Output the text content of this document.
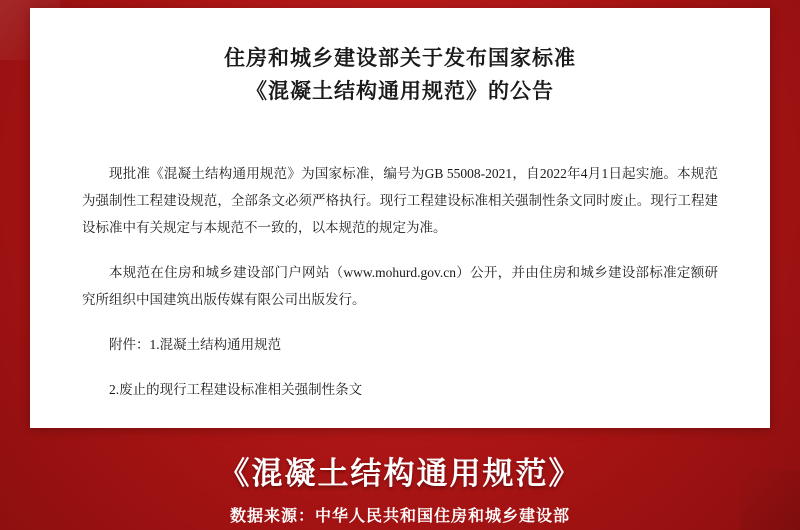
住房和城乡建设部关于发布国家标准
《混凝土结构通用规范》的公告

现批准《混凝土结构通用规范》为国家标准，编号为GB 55008-2021，自2022年4月1日起实施。本规范为强制性工程建设规范，全部条文必须严格执行。现行工程建设标准相关强制性条文同时废止。现行工程建设标准中有关规定与本规范不一致的，以本规范的规定为准。

本规范在住房和城乡建设部门户网站（www.mohurd.gov.cn）公开，并由住房和城乡建设部标准定额研究所组织中国建筑出版传媒有限公司出版发行。

附件：1.混凝土结构通用规范

2.废止的现行工程建设标准相关强制性条文

《混凝土结构通用规范》
数据来源：中华人民共和国住房和城乡建设部
